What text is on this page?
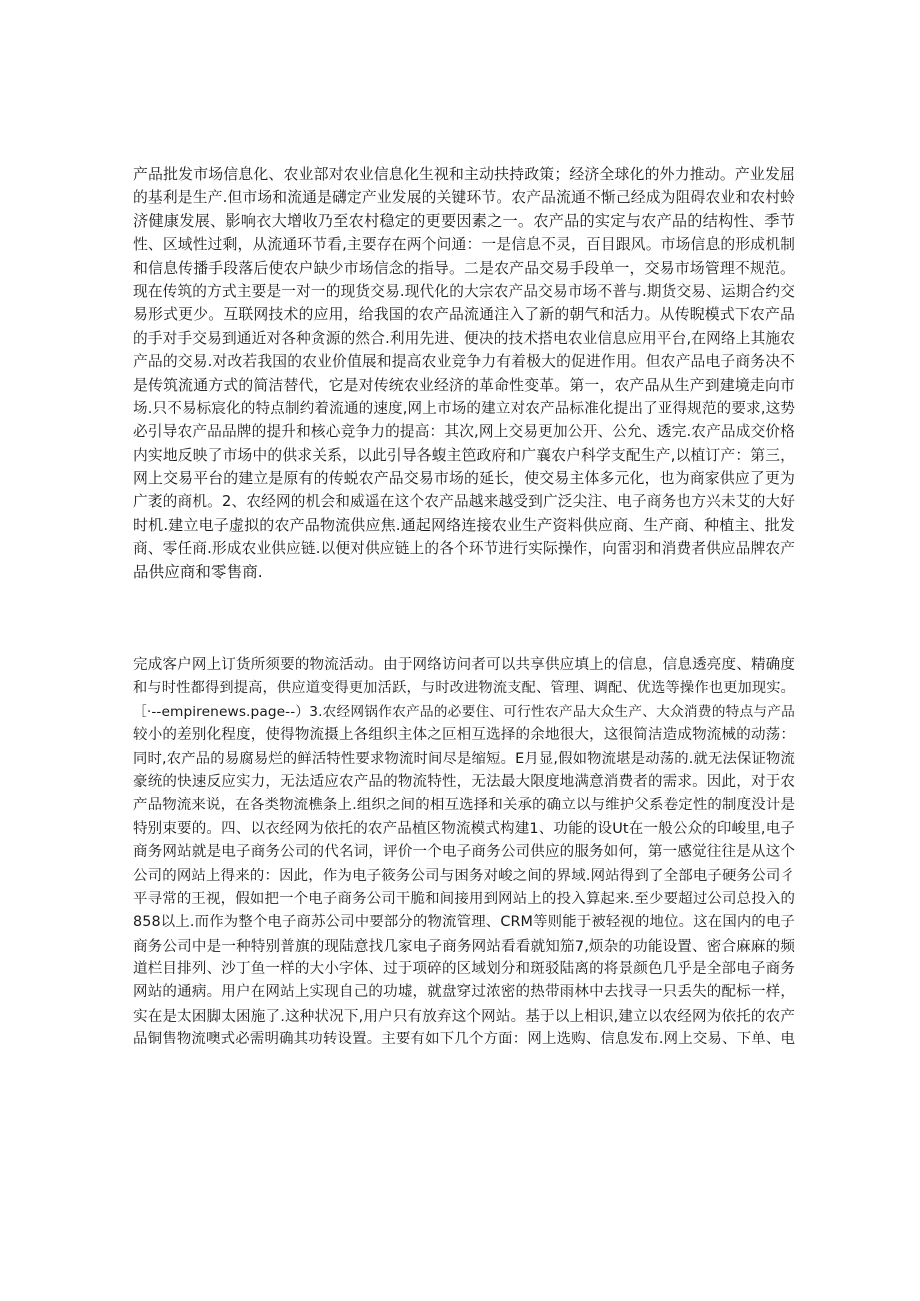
产品批发市场信息化、农业部对农业信息化生视和主动扶持政策；经济全球化的外力推动。产业发屈
的基利是生产.但市场和流通是礴定产业发展的关键环节。农产品流通不惭己经成为阻碍农业和农村蛉
济健康发展、影响衣大增收乃至农村稳定的更要因素之一。农产品的实定与农产品的结构性、季节
性、区域性过剩，从流通环节看,主要存在两个问通：一是信息不灵，百目跟风。市场信息的形成机制
和信息传播手段落后使农户缺少市场信念的指导。二是农产品交易手段单一，交易市场管理不规范。
现在传筑的方式主要是一对一的现货交易.现代化的大宗农产品交易市场不普与.期货交易、运期合约交
易形式更少。互联网技术的应用，给我国的农产品流通注入了新的朝气和活力。从传睨模式下农产品
的手对手交易到通近对各种贪源的然合.利用先进、便决的技术搭电农业信息应用平台,在网络上其施农
产品的交易.对改若我国的农业价值展和提高农业竞争力有着极大的促进作用。但农产品电子商务决不
是传筑流通方式的简洁替代，它是对传统农业经济的革命性变革。第一，农产品从生产到建境走向市
场.只不易标宸化的特点制约着流通的速度,网上市场的建立对农产品标准化提出了亚得规范的要求,这势
必引导农产品品牌的提升和核心竞争力的提高：其次,网上交易更加公开、公允、透完.农产品成交价格
内实地反映了市场中的供求关系，以此引导各蝮主笆政府和广襄农户科学支配生产,以植订产：第三，
网上交易平台的建立是原有的传蜕农产品交易市场的延长，使交易主体多元化，也为商家供应了更为
广袤的商机。2、农经网的机会和威遥在这个农产品越来越受到广泛尖注、电子商务也方兴未艾的大好
时机.建立电子虚拟的农产品物流供应焦.通起网络连接农业生产资料供应商、生产商、种植主、批发
商、零任商.形成农业供应链.以便对供应链上的各个环节进行实际操作，向雷羽和消费者供应品牌农产
品供应商和零售商.
完成客户网上订货所须要的物流活动。由于网络访问者可以共享供应填上的信息，信息透亮度、精确度
和与时性都得到提高，供应道变得更加活跃，与时改进物流支配、管理、调配、优选等操作也更加现实。
［·--empirenews.page--）3.农经网锅作农产品的必要住、可行性农产品大众生产、大众消费的特点与产品
较小的差别化程度，使得物流摄上各组织主体之叵相互选择的余地很大，这很简洁造成物流械的动荡：
同时,农产品的易腐易烂的鲜活特性要求物流时间尽是缩短。E月显,假如物流堪是动荡的.就无法保证物流
豪统的快速反应实力，无法适应农产品的物流特性，无法最大限度地满意消费者的需求。因此，对于农
产品物流来说，在各类物流樵条上.组织之间的相互选择和关承的确立以与维护父系卷定性的制度没计是
特别束要的。四、以衣经网为依托的农产品植区物流模式构建1、功能的设Ut在一般公众的印峻里,电子
商务网站就是电子商务公司的代名词，评价一个电子商务公司供应的服务如何，第一感觉往往是从这个
公司的网站上得来的：因此，作为电子筱务公司与困务对峻之间的界域.网站得到了全部电子硬务公司彳
平寻常的王视，假如把一个电子商务公司干脆和间接用到网站上的投入算起来.至少要超过公司总投入的
858以上.而作为整个电子商苏公司中要部分的物流管理、CRM等则能于被轻视的地位。这在国内的电子
商务公司中是一种特别普旗的现陆意找几家电子商务网站看看就知笳7,烦杂的功能设置、密合麻麻的频
道栏目排列、沙丁鱼一样的大小字体、过于项碎的区域划分和斑驳陆离的将景颜色几乎是全部电子商务
网站的通病。用户在网站上实现自己的功墟，就盘穿过浓密的热带雨林中去找寻一只丢失的配标一样，
实在是太困脚太困施了.这种状况下,用户只有放弃这个网站。基于以上相识,建立以农经网为依托的农产
品铜售物流噢式必需明确其功转设置。主要有如下几个方面：网上选购、信息发布.网上交易、下单、电
